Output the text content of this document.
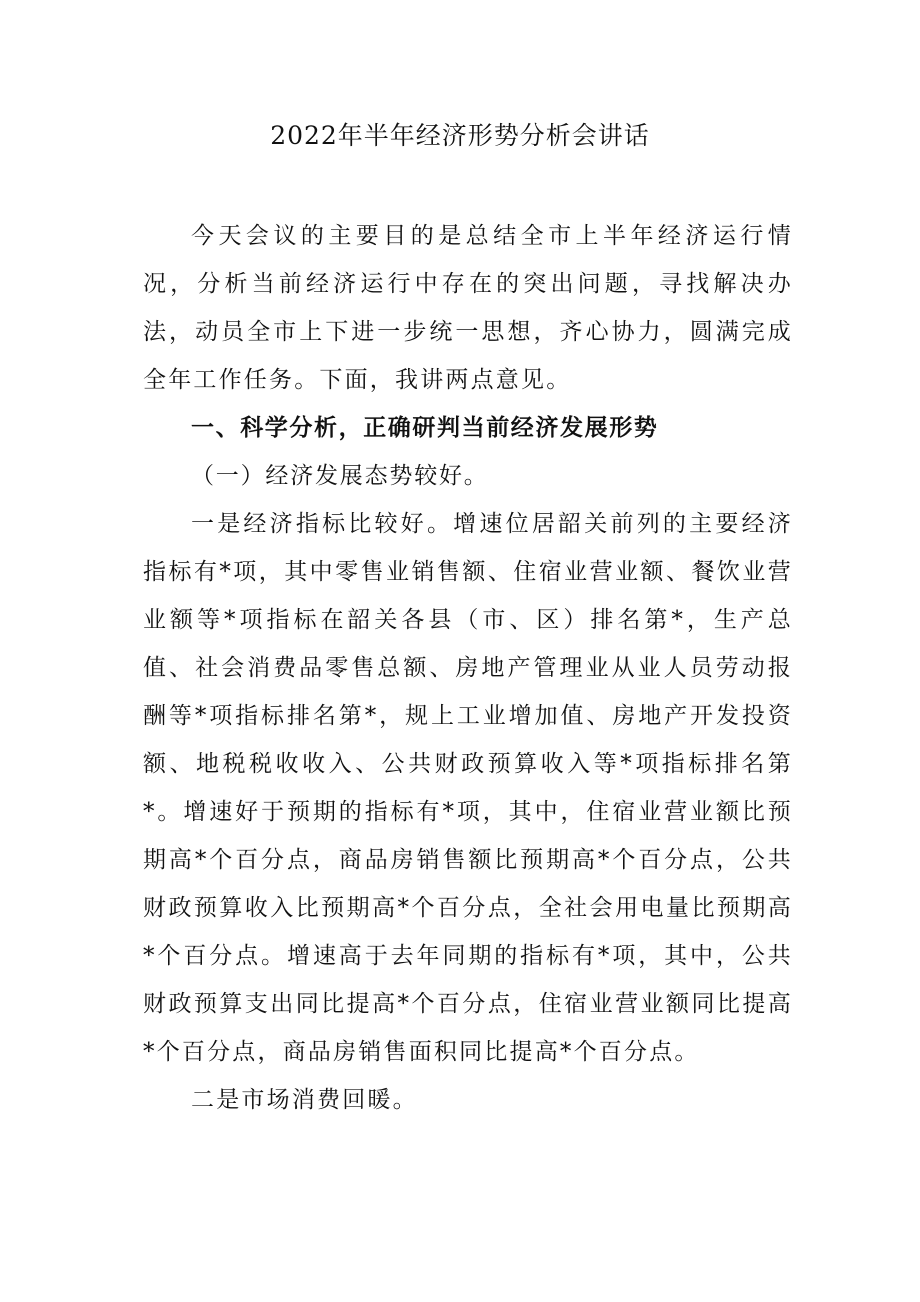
2022年半年经济形势分析会讲话

今天会议的主要目的是总结全市上半年经济运行情况，分析当前经济运行中存在的突出问题，寻找解决办法，动员全市上下进一步统一思想，齐心协力，圆满完成全年工作任务。下面，我讲两点意见。

一、科学分析，正确研判当前经济发展形势

（一）经济发展态势较好。

一是经济指标比较好。增速位居韶关前列的主要经济指标有*项，其中零售业销售额、住宿业营业额、餐饮业营业额等*项指标在韶关各县（市、区）排名第*，生产总值、社会消费品零售总额、房地产管理业从业人员劳动报酬等*项指标排名第*，规上工业增加值、房地产开发投资额、地税税收收入、公共财政预算收入等*项指标排名第*。增速好于预期的指标有*项，其中，住宿业营业额比预期高*个百分点，商品房销售额比预期高*个百分点，公共财政预算收入比预期高*个百分点，全社会用电量比预期高*个百分点。增速高于去年同期的指标有*项，其中，公共财政预算支出同比提高*个百分点，住宿业营业额同比提高*个百分点，商品房销售面积同比提高*个百分点。

二是市场消费回暖。
